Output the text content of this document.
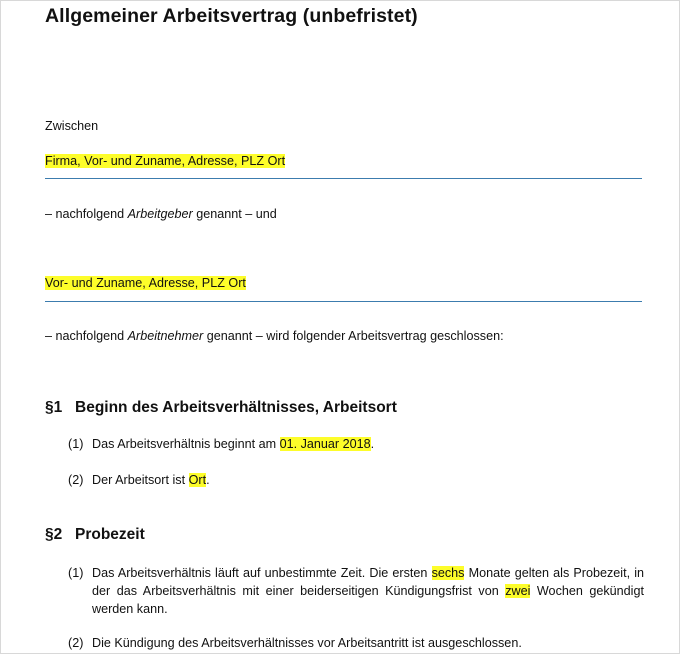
Allgemeiner Arbeitsvertrag (unbefristet)
Zwischen
Firma, Vor- und Zuname, Adresse, PLZ Ort
– nachfolgend Arbeitgeber genannt – und
Vor- und Zuname, Adresse, PLZ Ort
– nachfolgend Arbeitnehmer genannt – wird folgender Arbeitsvertrag geschlossen:
§1 Beginn des Arbeitsverhältnisses, Arbeitsort
(1) Das Arbeitsverhältnis beginnt am 01. Januar 2018.
(2) Der Arbeitsort ist Ort.
§2 Probezeit
(1) Das Arbeitsverhältnis läuft auf unbestimmte Zeit. Die ersten sechs Monate gelten als Probezeit, in der das Arbeitsverhältnis mit einer beiderseitigen Kündigungsfrist von zwei Wochen gekündigt werden kann.
(2) Die Kündigung des Arbeitsverhältnisses vor Arbeitsantritt ist ausgeschlossen.
